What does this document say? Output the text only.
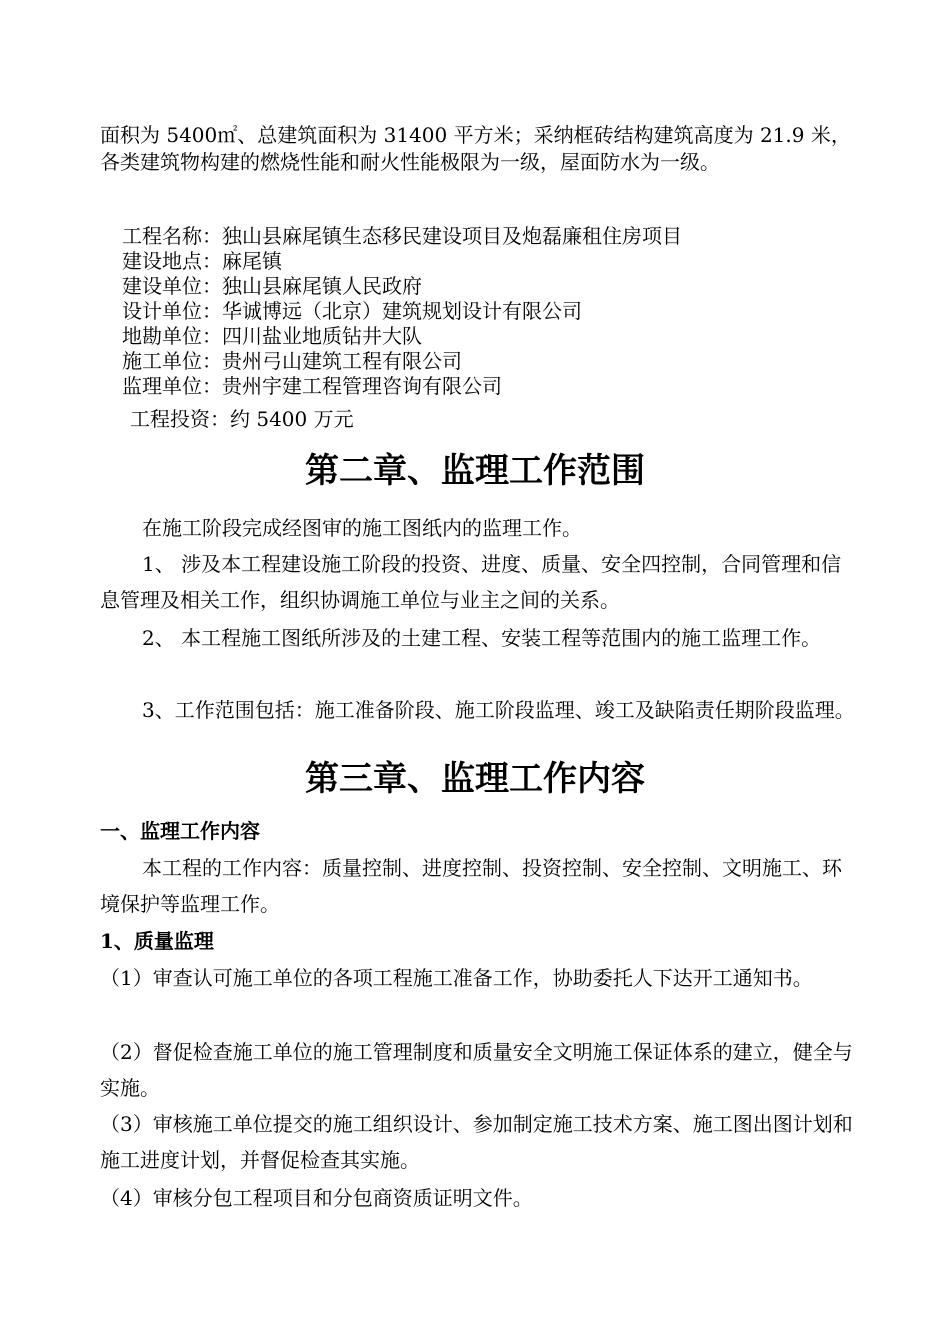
面积为 5400㎡、总建筑面积为 31400 平方米；采纳框砖结构建筑高度为 21.9 米，各类建筑物构建的燃烧性能和耐火性能极限为一级，屋面防水为一级。
工程名称：独山县麻尾镇生态移民建设项目及炮磊廉租住房项目
建设地点：麻尾镇
建设单位：独山县麻尾镇人民政府
设计单位：华诚博远（北京）建筑规划设计有限公司
地勘单位：四川盐业地质钻井大队
施工单位：贵州弓山建筑工程有限公司
监理单位：贵州宇建工程管理咨询有限公司
工程投资：约 5400 万元
第二章、监理工作范围
在施工阶段完成经图审的施工图纸内的监理工作。
1、 涉及本工程建设施工阶段的投资、进度、质量、安全四控制，合同管理和信息管理及相关工作，组织协调施工单位与业主之间的关系。
2、 本工程施工图纸所涉及的土建工程、安装工程等范围内的施工监理工作。
3、工作范围包括：施工准备阶段、施工阶段监理、竣工及缺陷责任期阶段监理。
第三章、监理工作内容
一、监理工作内容
本工程的工作内容：质量控制、进度控制、投资控制、安全控制、文明施工、环境保护等监理工作。
1、质量监理
（1）审查认可施工单位的各项工程施工准备工作，协助委托人下达开工通知书。
（2）督促检查施工单位的施工管理制度和质量安全文明施工保证体系的建立，健全与实施。
（3）审核施工单位提交的施工组织设计、参加制定施工技术方案、施工图出图计划和施工进度计划，并督促检查其实施。
（4）审核分包工程项目和分包商资质证明文件。
